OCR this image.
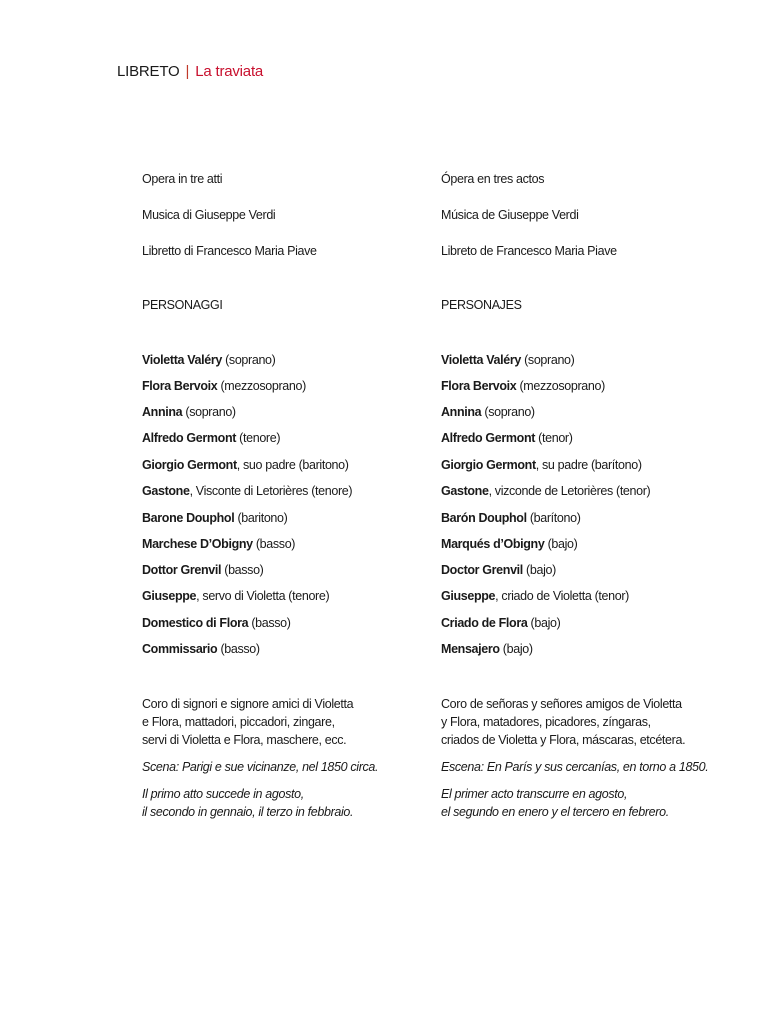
LIBRETO | La traviata
Opera in tre atti
Musica di Giuseppe Verdi
Libretto di Francesco Maria Piave
PERSONAGGI
Violetta Valéry (soprano)
Flora Bervoix (mezzosoprano)
Annina (soprano)
Alfredo Germont (tenore)
Giorgio Germont, suo padre (baritono)
Gastone, Visconte di Letorières (tenore)
Barone Douphol (baritono)
Marchese D’Obigny (basso)
Dottor Grenvil (basso)
Giuseppe, servo di Violetta (tenore)
Domestico di Flora (basso)
Commissario (basso)
Coro di signori e signore amici di Violetta
e Flora, mattadori, piccadori, zingare,
servi di Violetta e Flora, maschere, ecc.
Scena: Parigi e sue vicinanze, nel 1850 circa.
Il primo atto succede in agosto,
il secondo in gennaio, il terzo in febbraio.
Ópera en tres actos
Música de Giuseppe Verdi
Libreto de Francesco Maria Piave
PERSONAJES
Violetta Valéry (soprano)
Flora Bervoix (mezzosoprano)
Annina (soprano)
Alfredo Germont (tenor)
Giorgio Germont, su padre (barítono)
Gastone, vizconde de Letorières (tenor)
Barón Douphol (barítono)
Marqués d’Obigny (bajo)
Doctor Grenvil (bajo)
Giuseppe, criado de Violetta (tenor)
Criado de Flora (bajo)
Mensajero (bajo)
Coro de señoras y señores amigos de Violetta
y Flora, matadores, picadores, zíngaras,
criados de Violetta y Flora, máscaras, etcétera.
Escena: En París y sus cercanías, en torno a 1850.
El primer acto transcurre en agosto,
el segundo en enero y el tercero en febrero.
